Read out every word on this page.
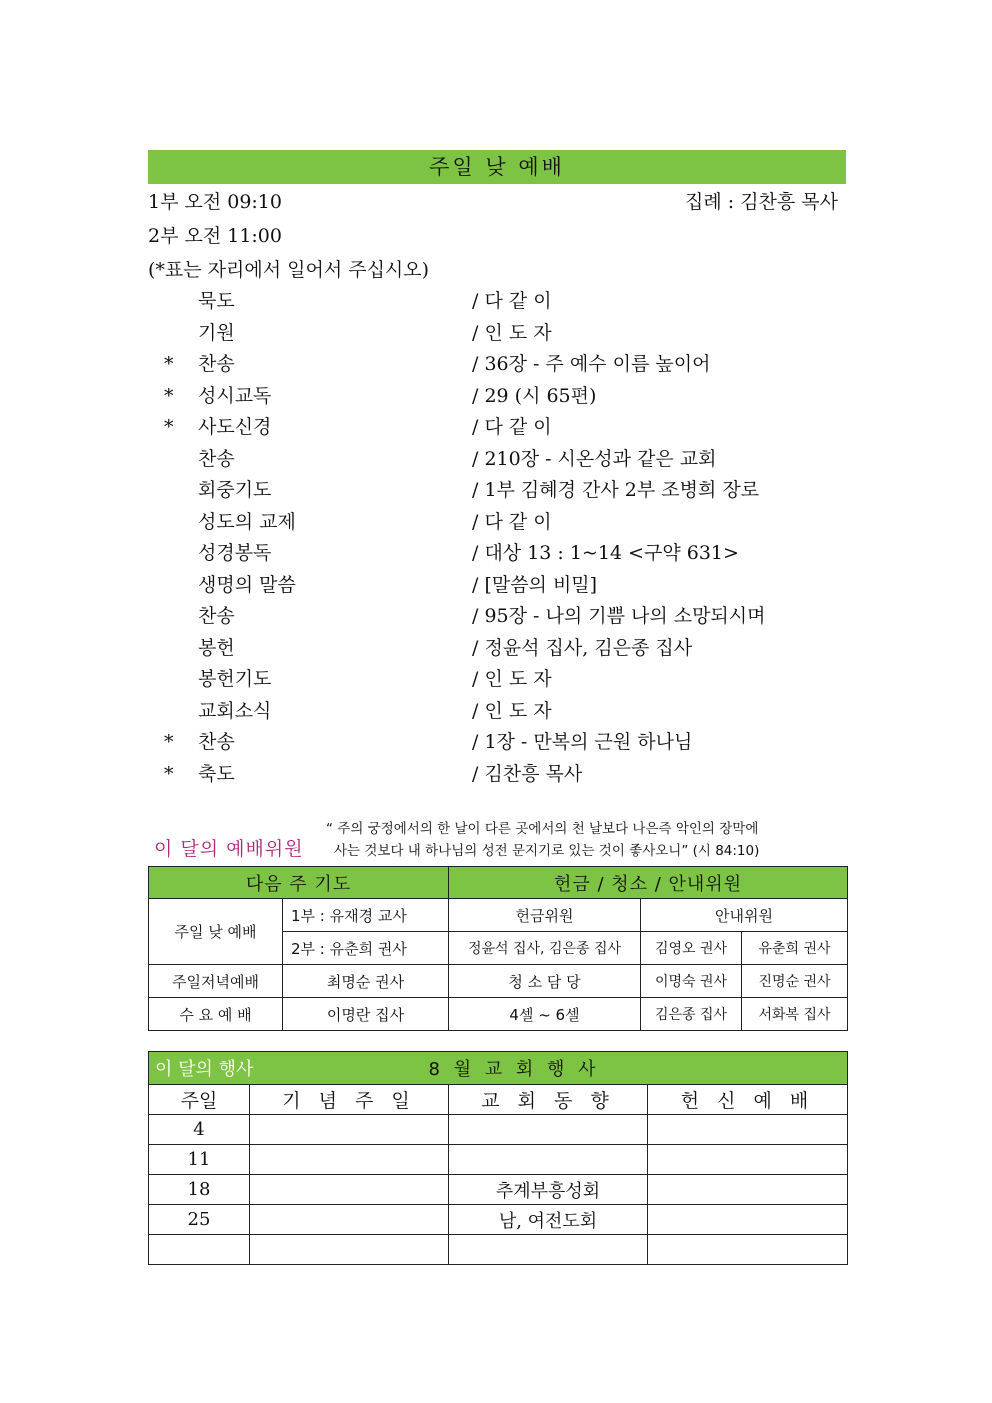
주일 낮 예배
1부 오전 09:10	집례 : 김찬흥 목사
2부 오전 11:00
(*표는 자리에서 일어서 주십시오)
묵도	/ 다 같 이
기원	/ 인 도 자
*	찬송	/ 36장 - 주 예수 이름 높이어
*	성시교독	/ 29 (시 65편)
*	사도신경	/ 다 같 이
찬송	/ 210장 - 시온성과 같은 교회
회중기도	/ 1부 김혜경 간사 2부 조병희 장로
성도의 교제	/ 다 같 이
성경봉독	/ 대상 13 : 1~14 <구약 631>
생명의 말씀	/ [말씀의 비밀]
찬송	/ 95장 - 나의 기쁨 나의 소망되시며
봉헌	/ 정윤석 집사, 김은종 집사
봉헌기도	/ 인 도 자
교회소식	/ 인 도 자
*	찬송	/ 1장 - 만복의 근원 하나님
*	축도	/ 김찬흥 목사
이 달의 예배위원
“ 주의 궁정에서의 한 날이 다른 곳에서의 천 날보다 나은즉 악인의 장막에
사는 것보다 내 하나님의 성전 문지기로 있는 것이 좋사오니” (시 84:10)
다음 주 기도		헌금 / 청소 / 안내위원		
주일 낮 예배	1부 : 유재경 교사	헌금위원	안내위원	
	2부 : 유춘희 권사	정윤석 집사, 김은종 집사	김영오 권사	유춘희 권사
주일저녁예배	최명순 권사	청 소 담 당	이명숙 권사	진명순 권사
수 요 예 배	이명란 집사	4셀 ~ 6셀	김은종 집사	서화복 집사
이 달의 행사		8 월 교 회 행 사	
주일	기 념 주 일	교 회 동 향	헌 신 예 배
4			
11			
18		추계부흥성회	
25		남, 여전도회	
